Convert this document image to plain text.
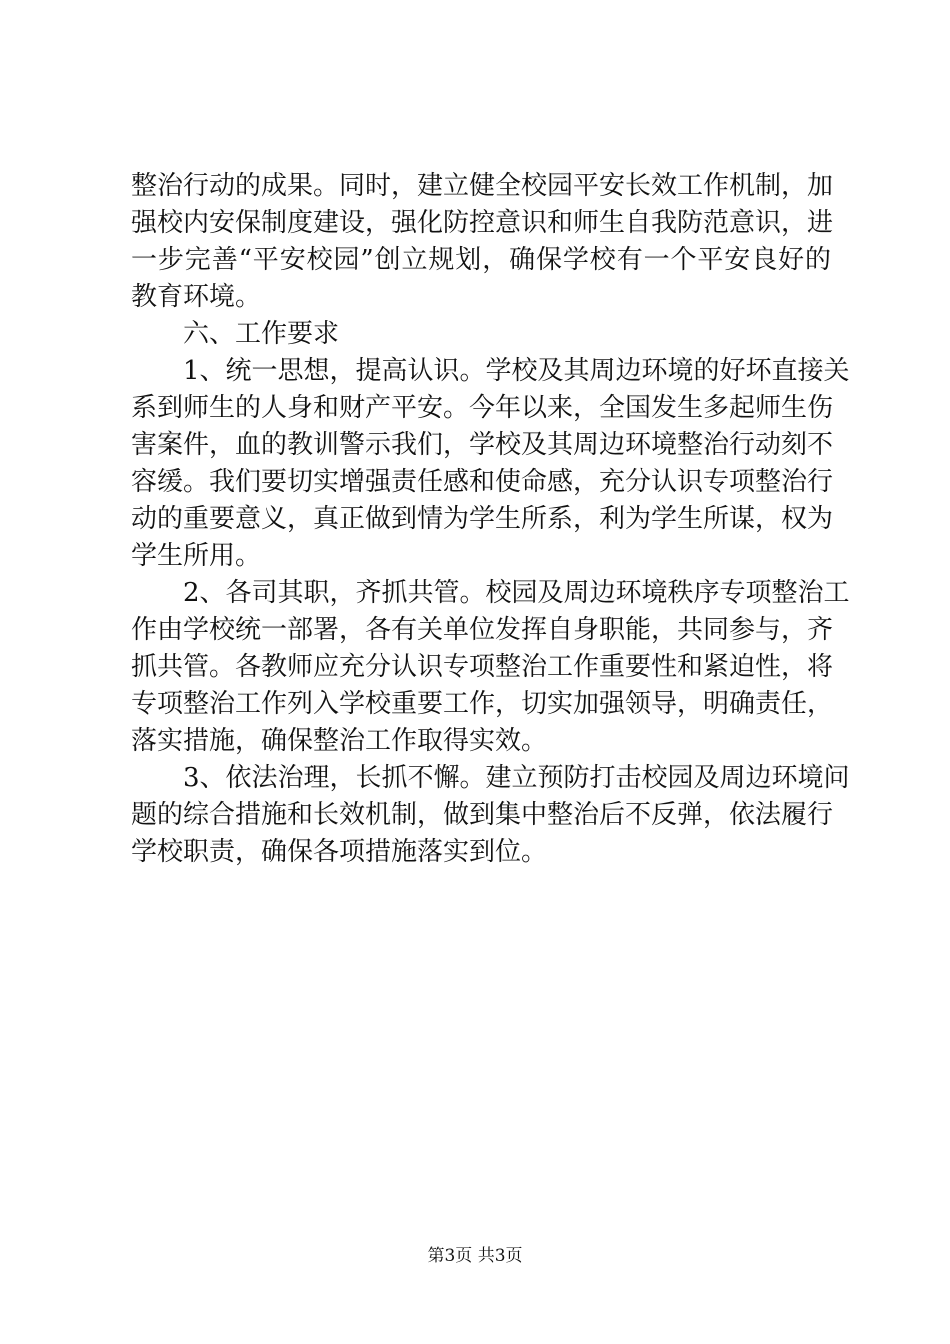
整治行动的成果。同时，建立健全校园平安长效工作机制，加
强校内安保制度建设，强化防控意识和师生自我防范意识，进
一步完善“平安校园”创立规划，确保学校有一个平安良好的
教育环境。
六、工作要求
1、统一思想，提高认识。学校及其周边环境的好坏直接关
系到师生的人身和财产平安。今年以来，全国发生多起师生伤
害案件，血的教训警示我们，学校及其周边环境整治行动刻不
容缓。我们要切实增强责任感和使命感，充分认识专项整治行
动的重要意义，真正做到情为学生所系，利为学生所谋，权为
学生所用。
2、各司其职，齐抓共管。校园及周边环境秩序专项整治工
作由学校统一部署，各有关单位发挥自身职能，共同参与，齐
抓共管。各教师应充分认识专项整治工作重要性和紧迫性，将
专项整治工作列入学校重要工作，切实加强领导，明确责任，
落实措施，确保整治工作取得实效。
3、依法治理，长抓不懈。建立预防打击校园及周边环境问
题的综合措施和长效机制，做到集中整治后不反弹，依法履行
学校职责，确保各项措施落实到位。
第3页 共3页
